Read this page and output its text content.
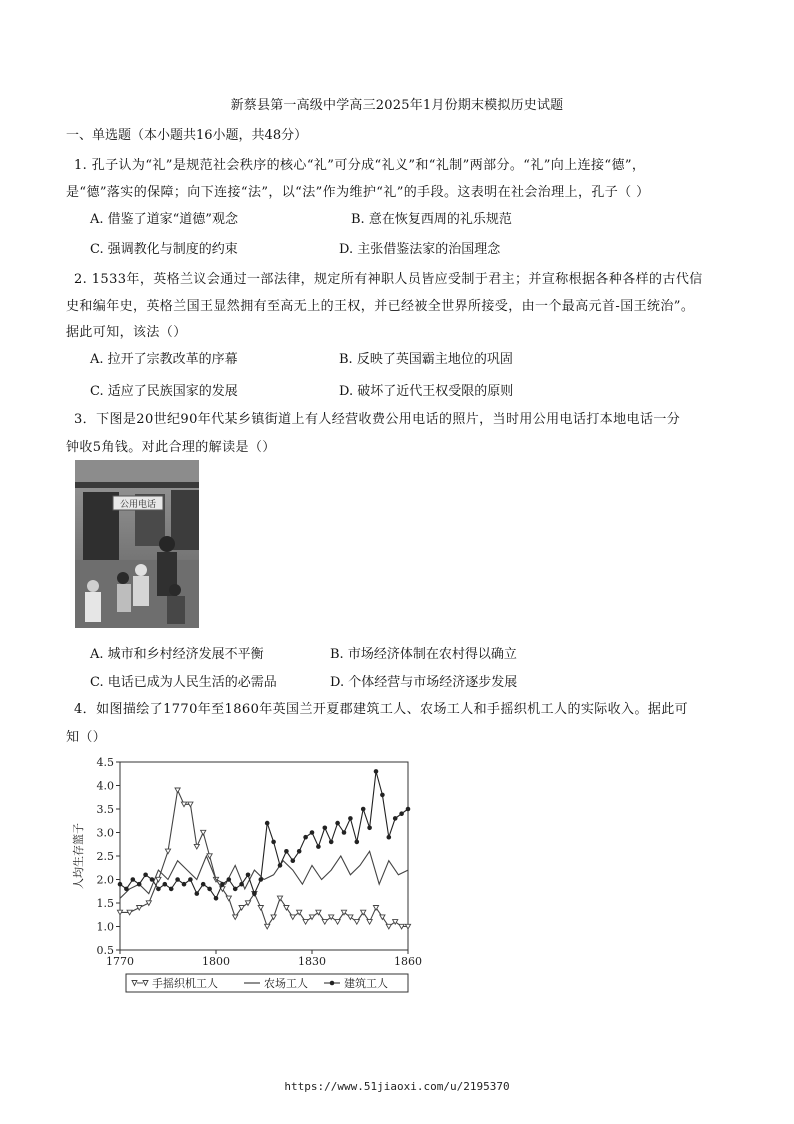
新蔡县第一高级中学高三2025年1月份期末模拟历史试题
一、单选题（本小题共16小题，共48分）
1. 孔子认为“礼”是规范社会秩序的核心“礼”可分成“礼义”和“礼制”两部分。“礼”向上连接“德”，
是“德”落实的保障；向下连接“法”，以“法”作为维护“礼”的手段。这表明在社会治理上，孔子（ ）
A. 借鉴了道家“道德”观念	B. 意在恢复西周的礼乐规范
C. 强调教化与制度的约束	D. 主张借鉴法家的治国理念
2. 1533年，英格兰议会通过一部法律，规定所有神职人员皆应受制于君主；并宣称根据各种各样的古代信
史和编年史，英格兰国王显然拥有至高无上的王权，并已经被全世界所接受，由一个最高元首-国王统治”。
据此可知，该法（）
A. 拉开了宗教改革的序幕	B. 反映了英国霸主地位的巩固
C. 适应了民族国家的发展	D. 破坏了近代王权受限的原则
3．下图是20世纪90年代某乡镇街道上有人经营收费公用电话的照片，当时用公用电话打本地电话一分
钟收5角钱。对此合理的解读是（）
公用电话
A. 城市和乡村经济发展不平衡	B. 市场经济体制在农村得以确立
C. 电话已成为人民生活的必需品	D. 个体经营与市场经济逐步发展
4．如图描绘了1770年至1860年英国兰开夏郡建筑工人、农场工人和手摇织机工人的实际收入。据此可
知（）
4.5
4.0
3.5
3.0
2.5
2.0
1.5
1.0
0.5
1770	1800	1830	1860
人均生存篮子
手摇织机工人	农场工人	建筑工人
https://www.51jiaoxi.com/u/2195370
